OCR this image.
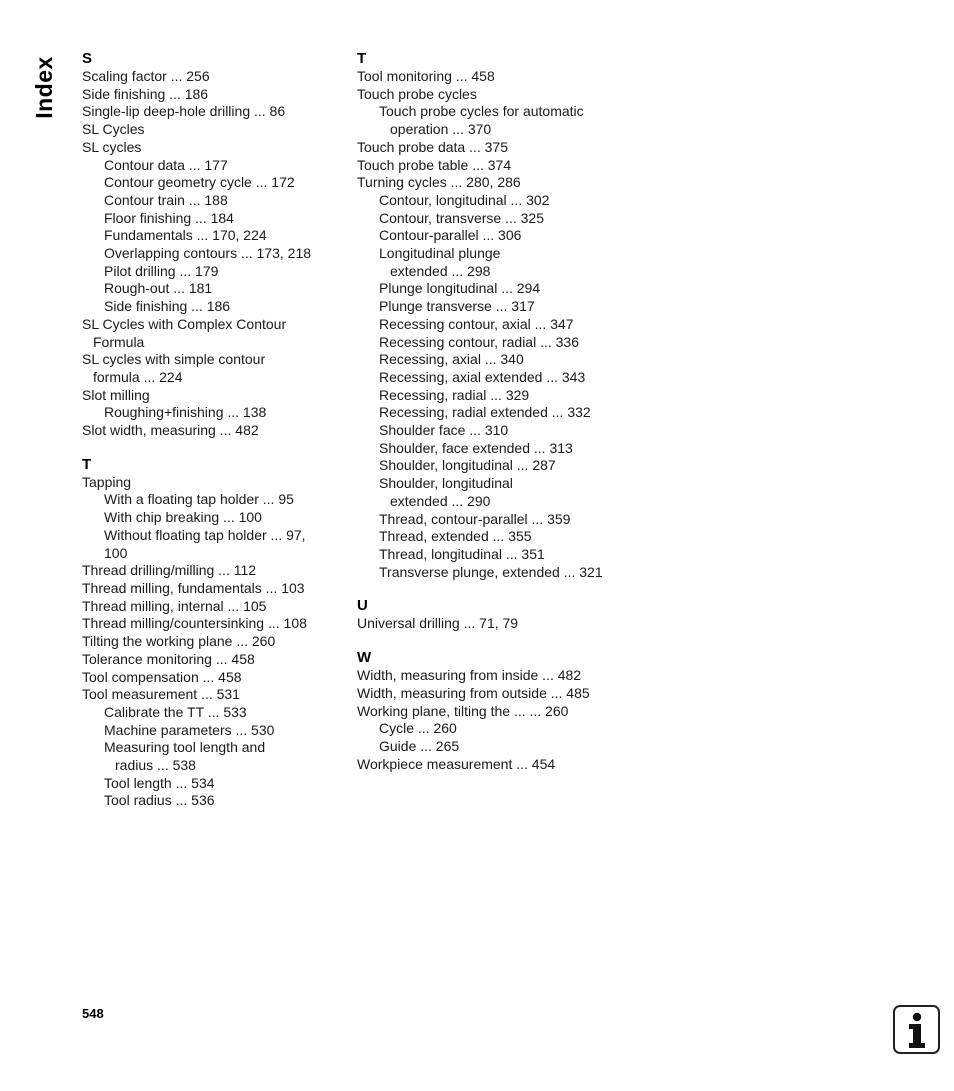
Index S
Scaling factor ... 256
Side finishing ... 186
Single-lip deep-hole drilling ... 86
SL Cycles
SL cycles
Contour data ... 177
Contour geometry cycle ... 172
Contour train ... 188
Floor finishing ... 184
Fundamentals ... 170, 224
Overlapping contours ... 173, 218
Pilot drilling ... 179
Rough-out ... 181
Side finishing ... 186
SL Cycles with Complex Contour
Formula
SL cycles with simple contour
formula ... 224
Slot milling
Roughing+finishing ... 138
Slot width, measuring ... 482
T
Tapping
With a floating tap holder ... 95
With chip breaking ... 100
Without floating tap holder ... 97,
100
Thread drilling/milling ... 112
Thread milling, fundamentals ... 103
Thread milling, internal ... 105
Thread milling/countersinking ... 108
Tilting the working plane ... 260
Tolerance monitoring ... 458
Tool compensation ... 458
Tool measurement ... 531
Calibrate the TT ... 533
Machine parameters ... 530
Measuring tool length and
radius ... 538
Tool length ... 534
Tool radius ... 536
T
Tool monitoring ... 458
Touch probe cycles
Touch probe cycles for automatic
operation ... 370
Touch probe data ... 375
Touch probe table ... 374
Turning cycles ... 280, 286
Contour, longitudinal ... 302
Contour, transverse ... 325
Contour-parallel ... 306
Longitudinal plunge
extended ... 298
Plunge longitudinal ... 294
Plunge transverse ... 317
Recessing contour, axial ... 347
Recessing contour, radial ... 336
Recessing, axial ... 340
Recessing, axial extended ... 343
Recessing, radial ... 329
Recessing, radial extended ... 332
Shoulder face ... 310
Shoulder, face extended ... 313
Shoulder, longitudinal ... 287
Shoulder, longitudinal
extended ... 290
Thread, contour-parallel ... 359
Thread, extended ... 355
Thread, longitudinal ... 351
Transverse plunge, extended ... 321
U
Universal drilling ... 71, 79
W
Width, measuring from inside ... 482
Width, measuring from outside ... 485
Working plane, tilting the ... ... 260
Cycle ... 260
Guide ... 265
Workpiece measurement ... 454
548
